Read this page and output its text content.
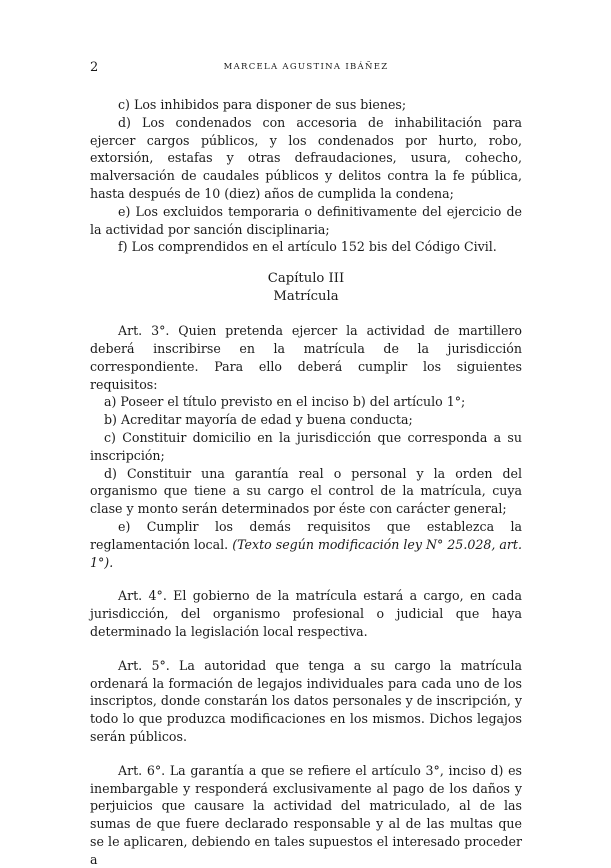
2	MARCELA AGUSTINA IBÁÑEZ

c) Los inhibidos para disponer de sus bienes;

d) Los condenados con accesoria de inhabilitación para ejercer cargos públicos, y los condenados por hurto, robo, extorsión, estafas y otras defraudaciones, usura, cohecho, malversación de caudales públicos y delitos contra la fe pública, hasta después de 10 (diez) años de cumplida la condena;

e) Los excluidos temporaria o definitivamente del ejercicio de la actividad por sanción disciplinaria;

f) Los comprendidos en el artículo 152 bis del Código Civil.

Capítulo III

Matrícula

Art. 3°. Quien pretenda ejercer la actividad de martillero deberá inscribirse en la matrícula de la jurisdicción correspondiente. Para ello deberá cumplir los siguientes requisitos:

a) Poseer el título previsto en el inciso b) del artículo 1°;

b) Acreditar mayoría de edad y buena conducta;

c) Constituir domicilio en la jurisdicción que corresponda a su inscripción;

d) Constituir una garantía real o personal y la orden del organismo que tiene a su cargo el control de la matrícula, cuya clase y monto serán determinados por éste con carácter general;

e) Cumplir los demás requisitos que establezca la reglamentación local. (Texto según modificación ley N° 25.028, art. 1°).

Art. 4°. El gobierno de la matrícula estará a cargo, en cada jurisdicción, del organismo profesional o judicial que haya determinado la legislación local respectiva.

Art. 5°. La autoridad que tenga a su cargo la matrícula ordenará la formación de legajos individuales para cada uno de los inscriptos, donde constarán los datos personales y de inscripción, y todo lo que produzca modificaciones en los mismos. Dichos legajos serán públicos.

Art. 6°. La garantía a que se refiere el artículo 3°, inciso d) es inembargable y responderá exclusivamente al pago de los daños y perjuicios que causare la actividad del matriculado, al de las sumas de que fuere declarado responsable y al de las multas que se le aplicaren, debiendo en tales supuestos el interesado proceder a
